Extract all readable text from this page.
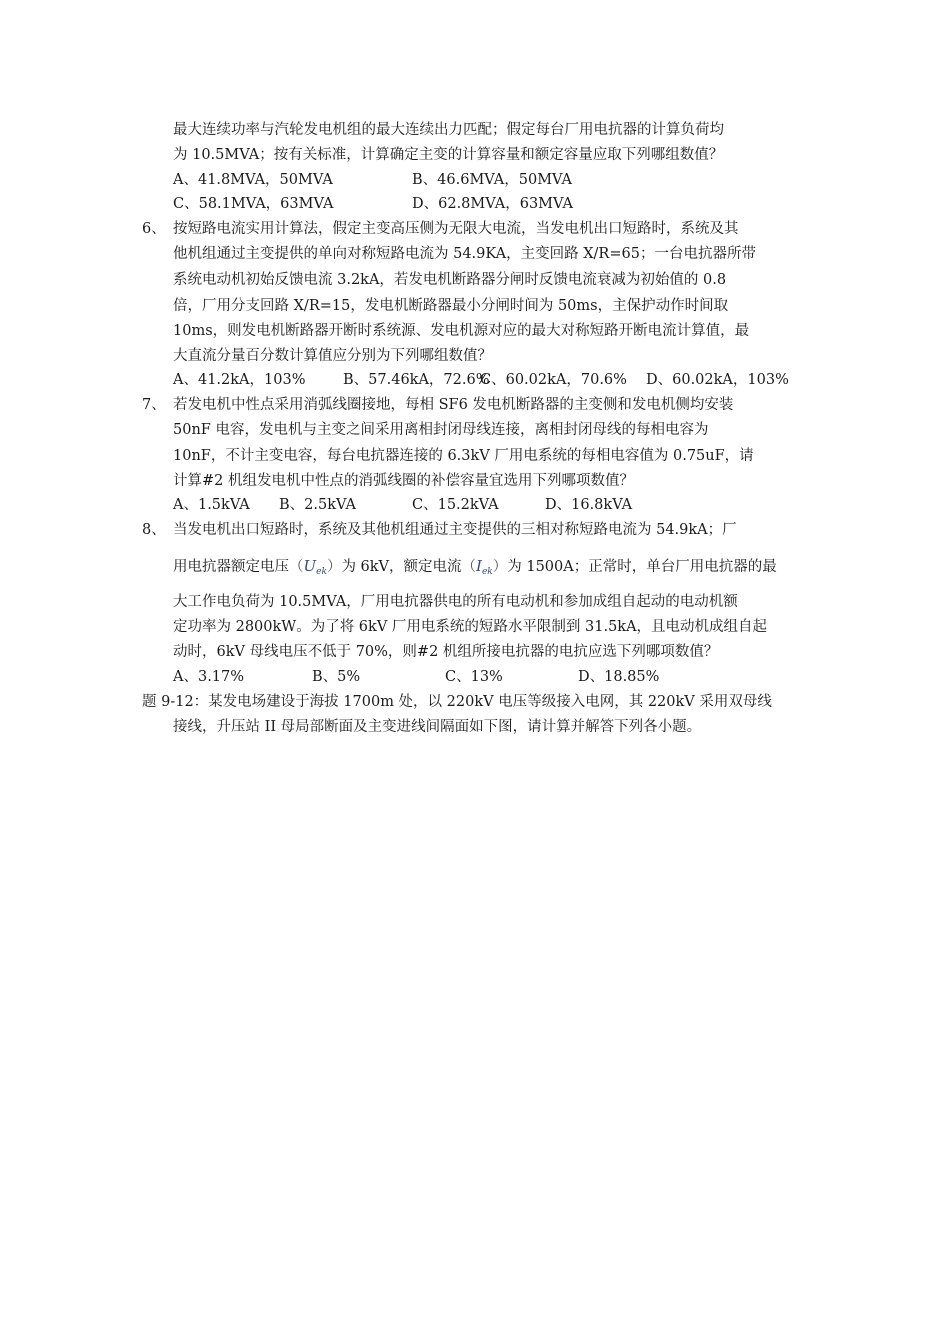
最大连续功率与汽轮发电机组的最大连续出力匹配；假定每台厂用电抗器的计算负荷均
为 10.5MVA；按有关标准，计算确定主变的计算容量和额定容量应取下列哪组数值？
A、41.8MVA，50MVA	B、46.6MVA，50MVA
C、58.1MVA，63MVA	D、62.8MVA，63MVA
6、 按短路电流实用计算法，假定主变高压侧为无限大电流，当发电机出口短路时，系统及其
他机组通过主变提供的单向对称短路电流为 54.9KA，主变回路 X/R=65；一台电抗器所带
系统电动机初始反馈电流 3.2kA，若发电机断路器分闸时反馈电流衰减为初始值的 0.8
倍，厂用分支回路 X/R=15，发电机断路器最小分闸时间为 50ms，主保护动作时间取
10ms，则发电机断路器开断时系统源、发电机源对应的最大对称短路开断电流计算值，最
大直流分量百分数计算值应分别为下列哪组数值？
A、41.2kA，103%	B、57.46kA，72.6%
C、60.02kA，70.6% D、60.02kA，103%
7、 若发电机中性点采用消弧线圈接地，每相 SF6 发电机断路器的主变侧和发电机侧均安装
50nF 电容，发电机与主变之间采用离相封闭母线连接，离相封闭母线的每相电容为
10nF，不计主变电容，每台电抗器连接的 6.3kV 厂用电系统的每相电容值为 0.75uF，请
计算#2 机组发电机中性点的消弧线圈的补偿容量宜选用下列哪项数值？
A、1.5kVA B、2.5kVA	C、15.2kVA	D、16.8kVA
8、 当发电机出口短路时，系统及其他机组通过主变提供的三相对称短路电流为 54.9kA；厂
用电抗器额定电压$(U_{ek})$为 6kV，额定电流$(I_{ek})$为 1500A；正常时，单台厂用电抗器的最
大工作电负荷为 10.5MVA，厂用电抗器供电的所有电动机和参加成组自起动的电动机额
定功率为 2800kW。为了将 6kV 厂用电系统的短路水平限制到 31.5kA，且电动机成组自起
动时，6kV 母线电压不低于 70%，则#2 机组所接电抗器的电抗应选下列哪项数值？
A、3.17%	B、5%	C、13%	D、18.85%
题 9-12：某发电场建设于海拔 1700m 处，以 220kV 电压等级接入电网，其 220kV 采用双母线
接线，升压站 II 母局部断面及主变进线间隔面如下图，请计算并解答下列各小题。
